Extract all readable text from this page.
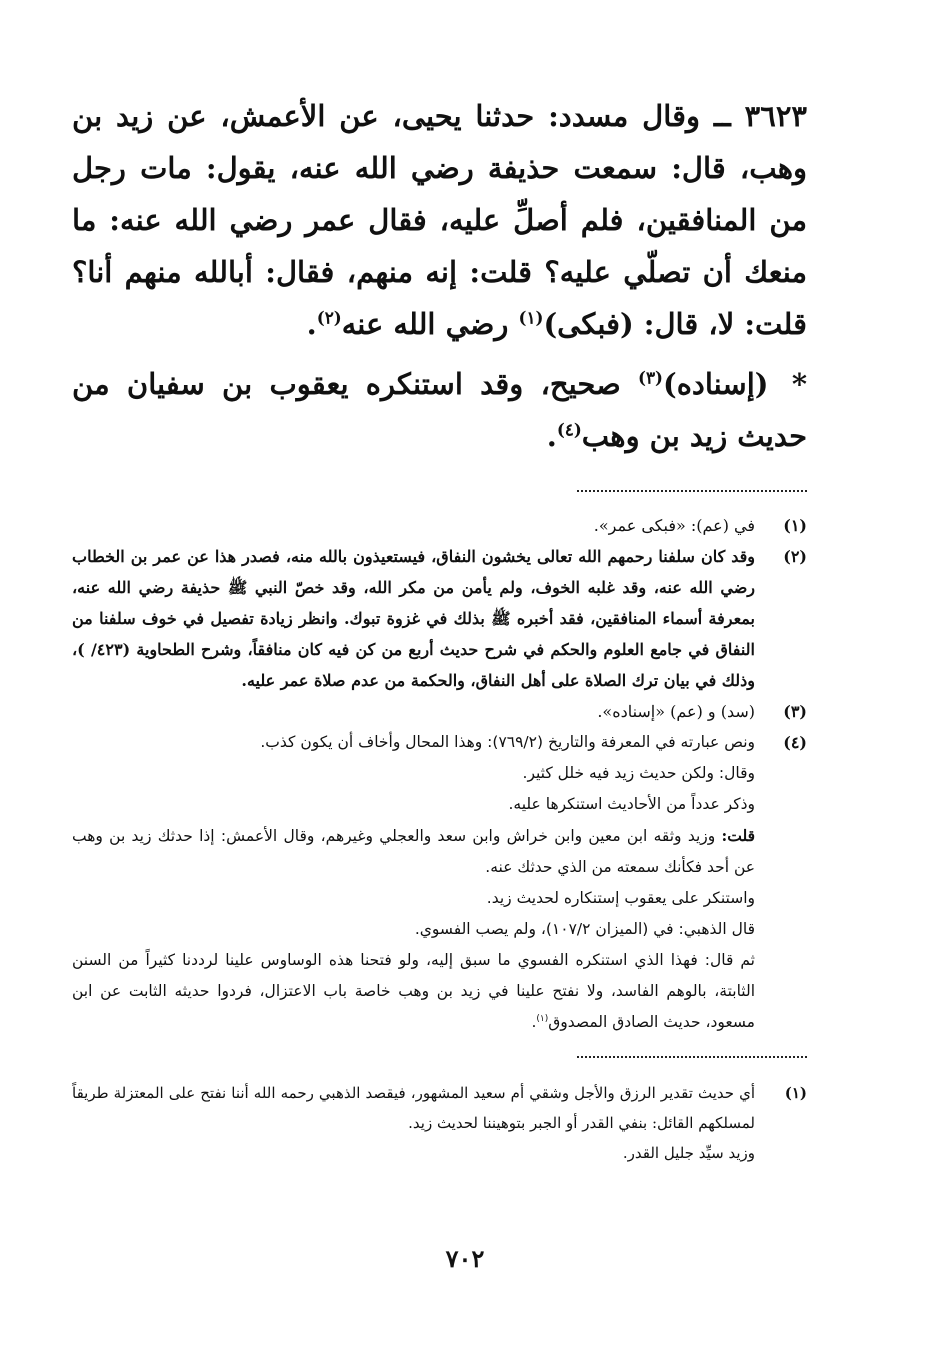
٣٦٢٣ ــ وقال مسدد: حدثنا يحيى، عن الأعمش، عن زيد بن وهب، قال: سمعت حذيفة رضي الله عنه، يقول: مات رجل من المنافقين، فلم أصلِّ عليه، فقال عمر رضي الله عنه: ما منعك أن تصلّي عليه؟ قلت: إنه منهم، فقال: أبالله منهم أنا؟ قلت: لا، قال: (فبكى)$^{(١)}$ رضي الله عنه$^{(٢)}$.

* (إسناده)$^{(٣)}$ صحيح، وقد استنكره يعقوب بن سفيان من حديث زيد بن وهب$^{(٤)}$.

(١)
في (عم): «فبكى عمر».
(٢)
وقد كان سلفنا رحمهم الله تعالى يخشون النفاق، فيستعيذون بالله منه، فصدر هذا عن عمر بن الخطاب رضي الله عنه، وقد غلبه الخوف، ولم يأمن من مكر الله، وقد خصّ النبي ﷺ حذيفة رضي الله عنه، بمعرفة أسماء المنافقين، فقد أخبره ﷺ بذلك في غزوة تبوك. وانظر زيادة تفصيل في خوف سلفنا من النفاق في جامع العلوم والحكم في شرح حديث أربع من كن فيه كان منافقاً، وشرح الطحاوية (٤٢٣/ )، وذلك في بيان ترك الصلاة على أهل النفاق، والحكمة من عدم صلاة عمر عليه.
(٣)
(سد) و (عم) «إسناده».
(٤)

ونص عبارته في المعرفة والتاريخ (٧٦٩/٢): وهذا المحال وأخاف أن يكون كذب.

وقال: ولكن حديث زيد فيه خلل كثير.

وذكر عدداً من الأحاديث استنكرها عليه.

قلت: وزيد وثقه ابن معين وابن خراش وابن سعد والعجلي وغيرهم، وقال الأعمش: إذا حدثك زيد بن وهب عن أحد فكأنك سمعته من الذي حدثك عنه.

واستنكر على يعقوب إستنكاره لحديث زيد.

قال الذهبي: في (الميزان ١٠٧/٢)، ولم يصب الفسوي.

ثم قال: فهذا الذي استنكره الفسوي ما سبق إليه، ولو فتحنا هذه الوساوس علينا لرددنا كثيراً من السنن الثابتة، بالوهم الفاسد، ولا نفتح علينا في زيد بن وهب خاصة باب الاعتزال، فردوا حديثه الثابت عن ابن مسعود، حديث الصادق المصدوق$^{(١)}$.

(١)

أي حديث تقدير الرزق والأجل وشقي أم سعيد المشهور، فيقصد الذهبي رحمه الله أننا نفتح على المعتزلة طريقاً لمسلكهم القائل: بنفي القدر أو الجبر بتوهيننا لحديث زيد.

وزيد سيِّد جليل القدر.

٧٠٢
